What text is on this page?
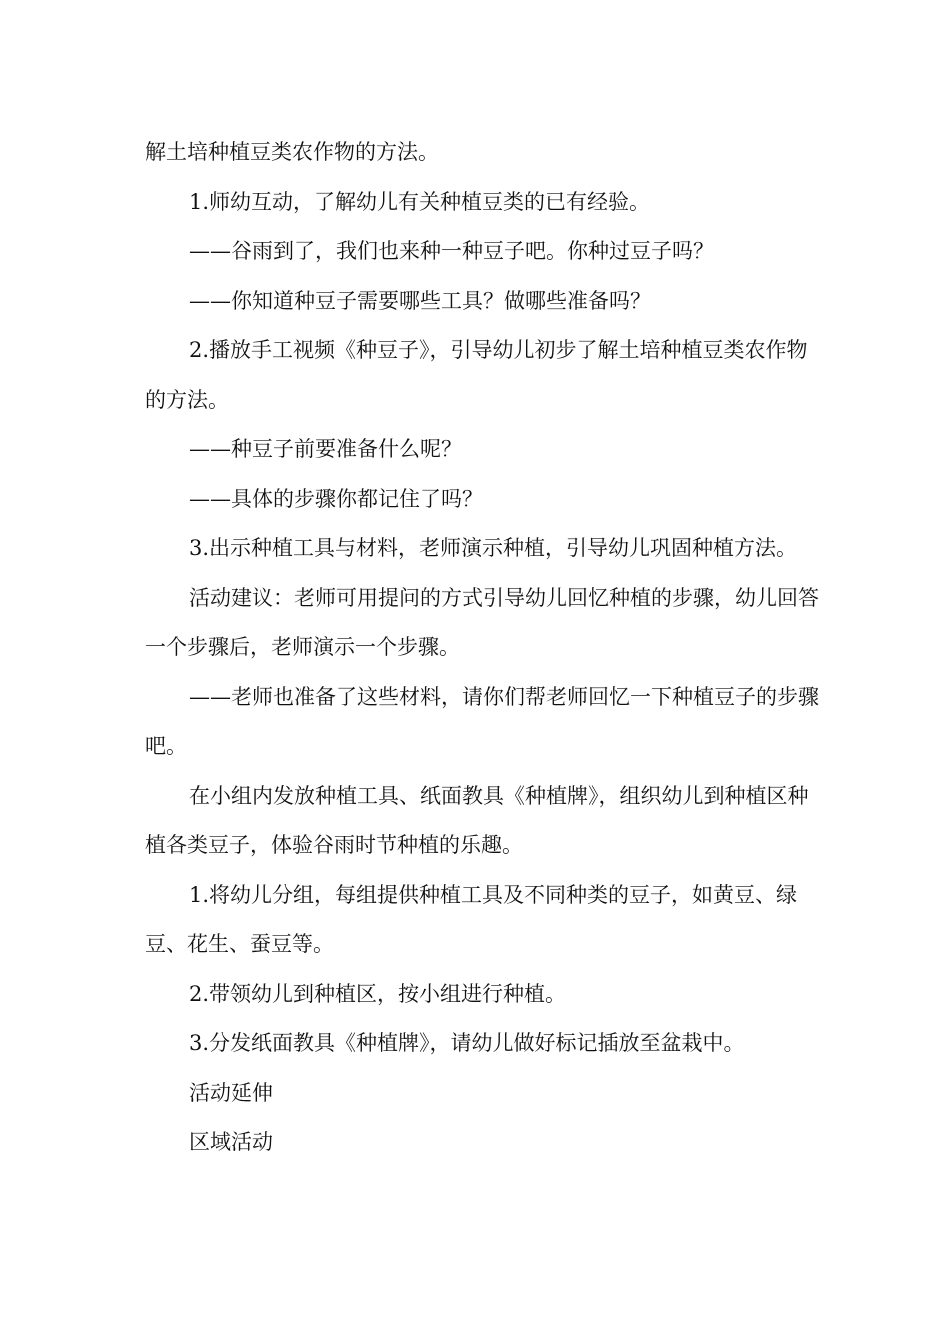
解土培种植豆类农作物的方法。

1.师幼互动，了解幼儿有关种植豆类的已有经验。

——谷雨到了，我们也来种一种豆子吧。你种过豆子吗？

——你知道种豆子需要哪些工具？做哪些准备吗？

2.播放手工视频《种豆子》，引导幼儿初步了解土培种植豆类农作物的方法。

——种豆子前要准备什么呢？

——具体的步骤你都记住了吗？

3.出示种植工具与材料，老师演示种植，引导幼儿巩固种植方法。

活动建议：老师可用提问的方式引导幼儿回忆种植的步骤，幼儿回答一个步骤后，老师演示一个步骤。

——老师也准备了这些材料，请你们帮老师回忆一下种植豆子的步骤吧。

在小组内发放种植工具、纸面教具《种植牌》，组织幼儿到种植区种植各类豆子，体验谷雨时节种植的乐趣。

1.将幼儿分组，每组提供种植工具及不同种类的豆子，如黄豆、绿豆、花生、蚕豆等。

2.带领幼儿到种植区，按小组进行种植。

3.分发纸面教具《种植牌》，请幼儿做好标记插放至盆栽中。

活动延伸

区域活动
